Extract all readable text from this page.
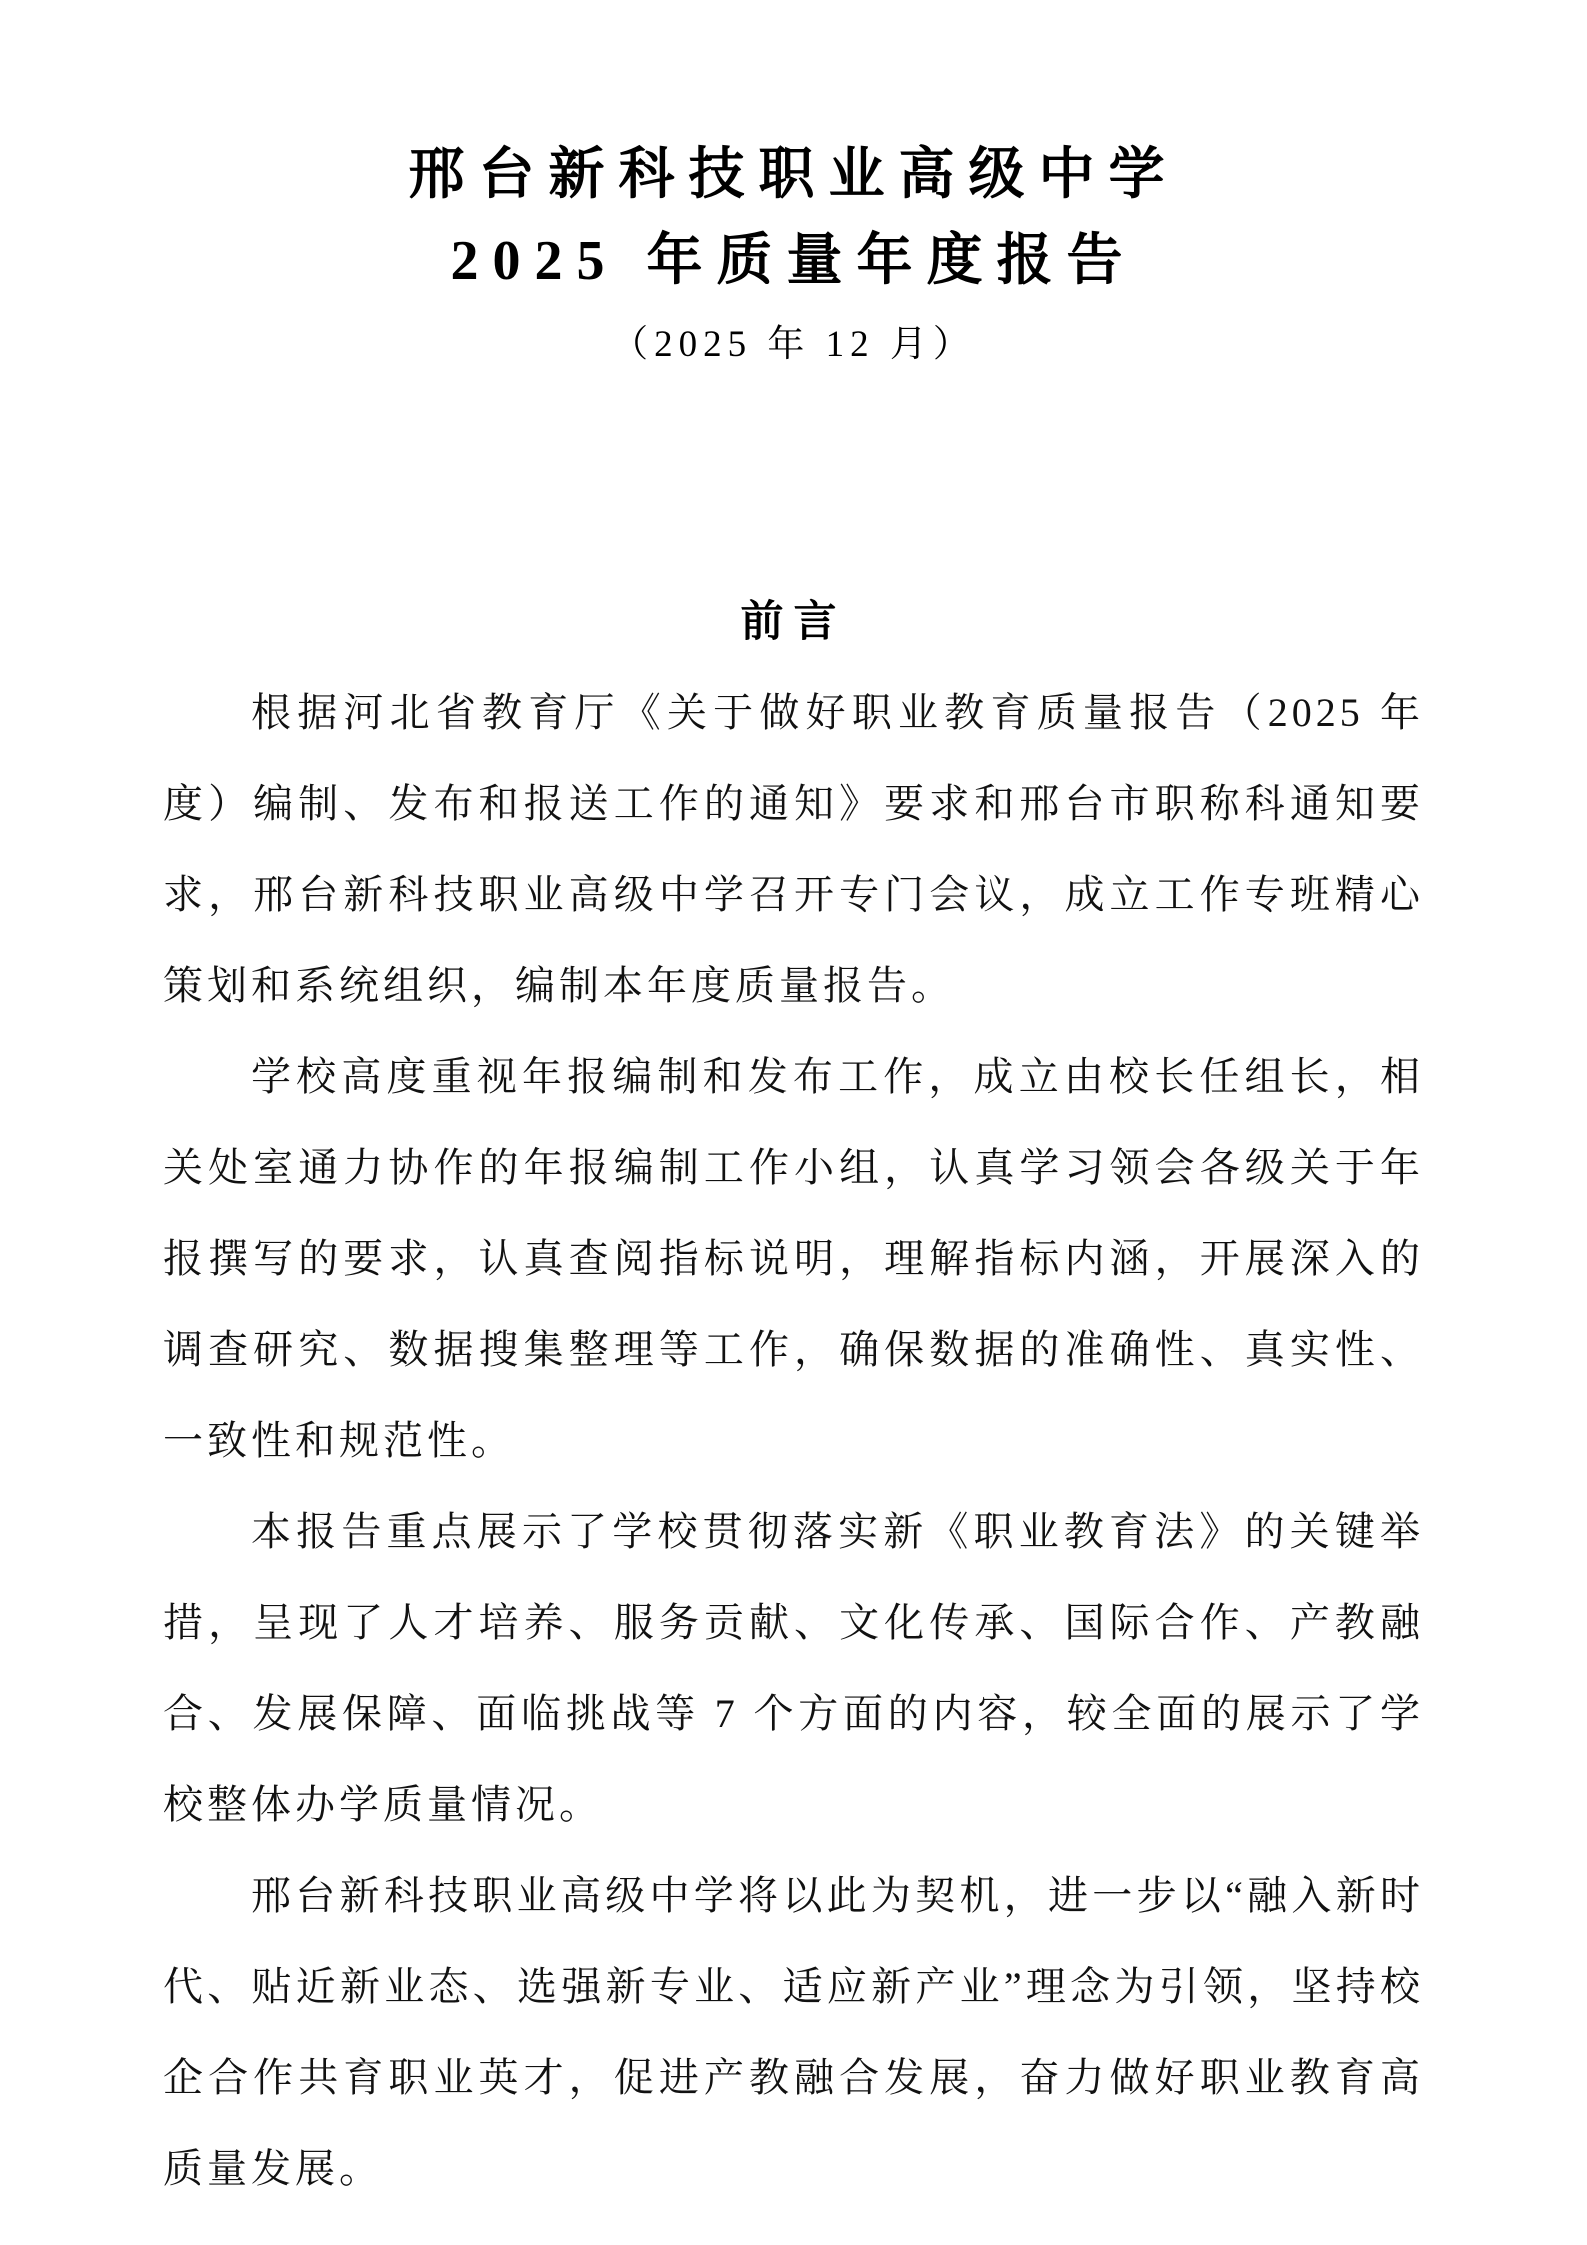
邢台新科技职业高级中学
2025 年质量年度报告
（2025 年 12 月）
前言

根据河北省教育厅《关于做好职业教育质量报告（2025 年度）编制、发布和报送工作的通知》要求和邢台市职称科通知要求，邢台新科技职业高级中学召开专门会议，成立工作专班精心策划和系统组织，编制本年度质量报告。

学校高度重视年报编制和发布工作，成立由校长任组长，相关处室通力协作的年报编制工作小组，认真学习领会各级关于年报撰写的要求，认真查阅指标说明，理解指标内涵，开展深入的调查研究、数据搜集整理等工作，确保数据的准确性、真实性、一致性和规范性。

本报告重点展示了学校贯彻落实新《职业教育法》的关键举措，呈现了人才培养、服务贡献、文化传承、国际合作、产教融合、发展保障、面临挑战等 7 个方面的内容，较全面的展示了学校整体办学质量情况。

邢台新科技职业高级中学将以此为契机，进一步以“融入新时代、贴近新业态、选强新专业、适应新产业”理念为引领，坚持校企合作共育职业英才，促进产教融合发展，奋力做好职业教育高质量发展。
